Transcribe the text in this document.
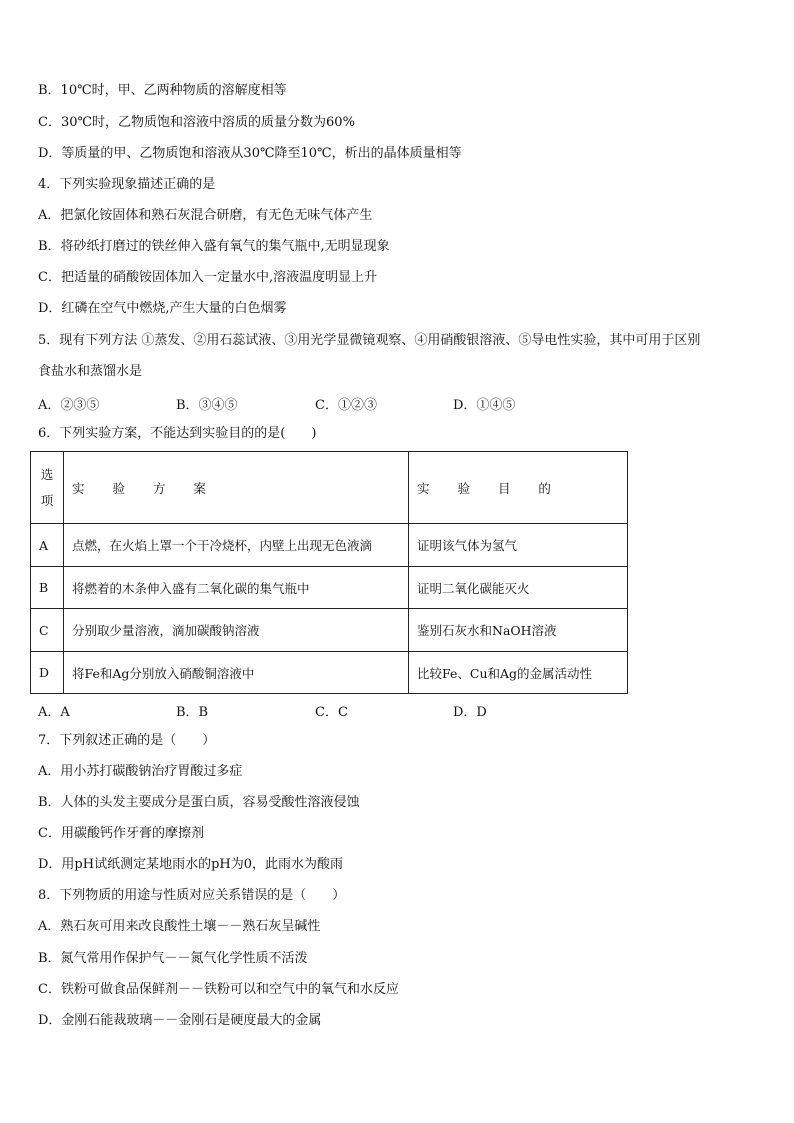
B．10℃时，甲、乙两种物质的溶解度相等
C．30℃时，乙物质饱和溶液中溶质的质量分数为60%
D．等质量的甲、乙物质饱和溶液从30℃降至10℃，析出的晶体质量相等
4．下列实验现象描述正确的是
A．把氯化铵固体和熟石灰混合研磨，有无色无味气体产生
B．将砂纸打磨过的铁丝伸入盛有氧气的集气瓶中,无明显现象
C．把适量的硝酸铵固体加入一定量水中,溶液温度明显上升
D．红磷在空气中燃烧,产生大量的白色烟雾
5．现有下列方法 ①蒸发、②用石蕊试液、③用光学显微镜观察、④用硝酸银溶液、⑤导电性实验，其中可用于区别
食盐水和蒸馏水是
A．②③⑤	B．③④⑤	C．①②③	D．①④⑤
6．下列实验方案，不能达到实验目的的是(　　)
选
项	实 验 方 案	实 验 目 的
A	点燃，在火焰上罩一个干冷烧杯，内壁上出现无色液滴	证明该气体为氢气
B	将燃着的木条伸入盛有二氧化碳的集气瓶中	证明二氧化碳能灭火
C	分别取少量溶液，滴加碳酸钠溶液	鉴别石灰水和NaOH溶液
D	将Fe和Ag分别放入硝酸铜溶液中	比较Fe、Cu和Ag的金属活动性
A．A	B．B	C．C	D．D
7．下列叙述正确的是（　　）
A．用小苏打碳酸钠治疗胃酸过多症
B．人体的头发主要成分是蛋白质，容易受酸性溶液侵蚀
C．用碳酸钙作牙膏的摩擦剂
D．用pH试纸测定某地雨水的pH为0，此雨水为酸雨
8．下列物质的用途与性质对应关系错误的是（　　）
A．熟石灰可用来改良酸性土壤－－熟石灰呈碱性
B．氮气常用作保护气－－氮气化学性质不活泼
C．铁粉可做食品保鲜剂－－铁粉可以和空气中的氧气和水反应
D．金刚石能裁玻璃－－金刚石是硬度最大的金属
